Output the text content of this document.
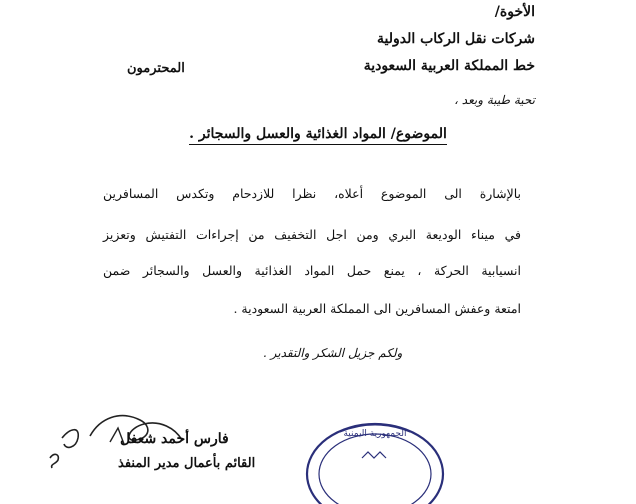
الأخوة/
شركات نقل الركاب الدولية
خط المملكة العربية السعودية
المحترمون
تحية طيبة وبعد ،
الموضوع/ المواد الغذائية والعسل والسجائر .
بالإشارة الى الموضوع أعلاه، نظرا للازدحام وتكدس المسافرين
في ميناء الوديعة البري ومن اجل التخفيف من إجراءات التفتيش وتعزيز
انسيابية الحركة ، يمنع حمل المواد الغذائية والعسل والسجائر ضمن
امتعة وعفش المسافرين الى المملكة العربية السعودية .
ولكم جزيل الشكر والتقدير .
الجمهورية اليمنية
فارس أحمد شعفل
القائم بأعمال مدير المنفذ
